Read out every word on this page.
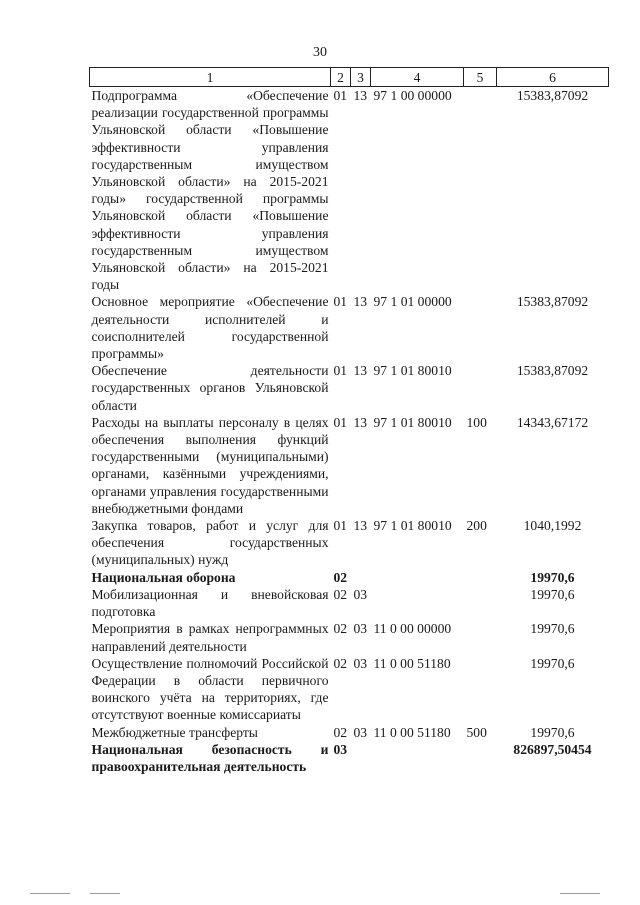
30
1	2	3	4	5	6
Подпрограмма «Обеспечение реализации государственной программы Ульяновской области «Повышение эффективности управления государственным имуществом Ульяновской области» на 2015-2021 годы» государственной программы Ульяновской области «Повышение эффективности управления государственным имуществом Ульяновской области» на 2015-2021 годы	01	13	97 1 00 00000		15383,87092
Основное мероприятие «Обеспечение деятельности исполнителей и соисполнителей государственной программы»	01	13	97 1 01 00000		15383,87092
Обеспечение деятельности государственных органов Ульяновской области	01	13	97 1 01 80010		15383,87092
Расходы на выплаты персоналу в целях обеспечения выполнения функций государственными (муниципальными) органами, казёнными учреждениями, органами управления государственными внебюджетными фондами	01	13	97 1 01 80010	100	14343,67172
Закупка товаров, работ и услуг для обеспечения государственных (муниципальных) нужд	01	13	97 1 01 80010	200	1040,1992
Национальная оборона	02				19970,6
Мобилизационная и вневойсковая подготовка	02	03			19970,6
Мероприятия в рамках непрограммных направлений деятельности	02	03	11 0 00 00000		19970,6
Осуществление полномочий Российской Федерации в области первичного воинского учёта на территориях, где отсутствуют военные комиссариаты	02	03	11 0 00 51180		19970,6
Межбюджетные трансферты	02	03	11 0 00 51180	500	19970,6
Национальная безопасность и правоохранительная деятельность	03				826897,50454
